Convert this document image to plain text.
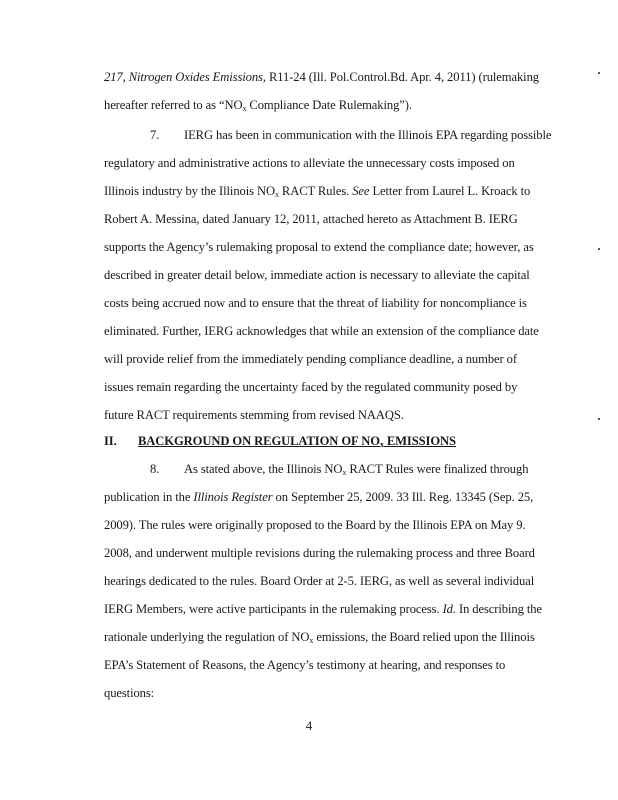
217, Nitrogen Oxides Emissions, R11-24 (Ill. Pol.Control.Bd. Apr. 4, 2011) (rulemaking
hereafter referred to as “$NO_x$ Compliance Date Rulemaking”).
7. IERG has been in communication with the Illinois EPA regarding possible
regulatory and administrative actions to alleviate the unnecessary costs imposed on
Illinois industry by the Illinois $NO_x$ RACT Rules. See Letter from Laurel L. Kroack to
Robert A. Messina, dated January 12, 2011, attached hereto as Attachment B. IERG
supports the Agency’s rulemaking proposal to extend the compliance date; however, as
described in greater detail below, immediate action is necessary to alleviate the capital
costs being accrued now and to ensure that the threat of liability for noncompliance is
eliminated. Further, IERG acknowledges that while an extension of the compliance date
will provide relief from the immediately pending compliance deadline, a number of
issues remain regarding the uncertainty faced by the regulated community posed by
future RACT requirements stemming from revised NAAQS.
II. BACKGROUND ON REGULATION OF $NO_x$ EMISSIONS
8. As stated above, the Illinois $NO_x$ RACT Rules were finalized through
publication in the Illinois Register on September 25, 2009. 33 Ill. Reg. 13345 (Sep. 25,
2009). The rules were originally proposed to the Board by the Illinois EPA on May 9.
2008, and underwent multiple revisions during the rulemaking process and three Board
hearings dedicated to the rules. Board Order at 2-5. IERG, as well as several individual
IERG Members, were active participants in the rulemaking process. Id. In describing the
rationale underlying the regulation of $NO_x$ emissions, the Board relied upon the Illinois
EPA’s Statement of Reasons, the Agency’s testimony at hearing, and responses to
questions:
4
